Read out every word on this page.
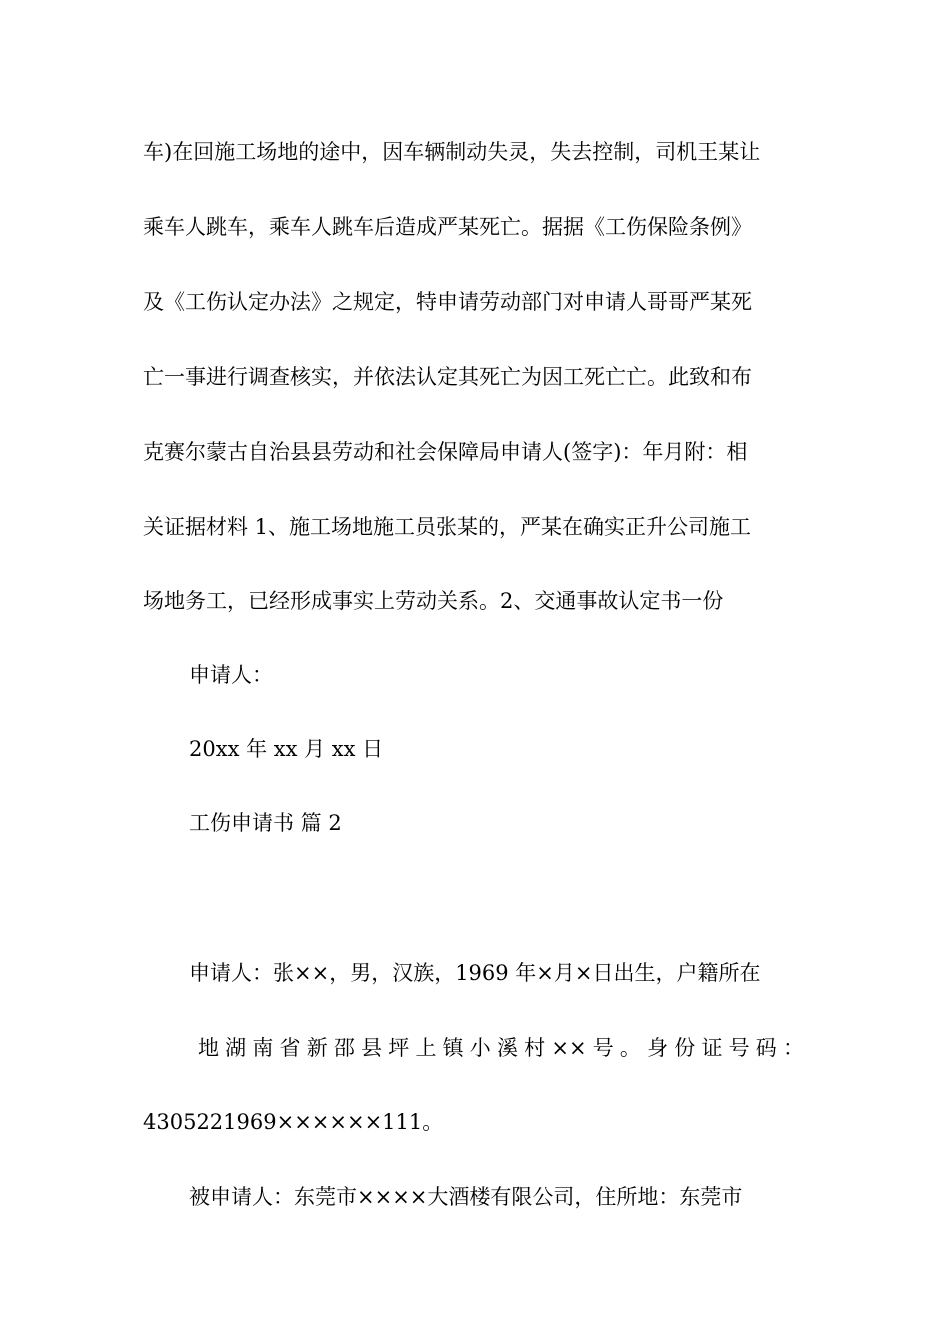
车)在回施工场地的途中，因车辆制动失灵，失去控制，司机王某让
乘车人跳车，乘车人跳车后造成严某死亡。据据《工伤保险条例》
及《工伤认定办法》之规定，特申请劳动部门对申请人哥哥严某死
亡一事进行调查核实，并依法认定其死亡为因工死亡亡。此致和布
克赛尔蒙古自治县县劳动和社会保障局申请人(签字)：年月附：相
关证据材料 1、施工场地施工员张某的，严某在确实正升公司施工
场地务工，已经形成事实上劳动关系。2、交通事故认定书一份
申请人：
20xx 年 xx 月 xx 日
工伤申请书 篇 2
申请人：张××，男，汉族，1969 年×月×日出生，户籍所在
地湖南省新邵县坪上镇小溪村××号。身份证号码：
4305221969××××××111。
被申请人：东莞市××××大酒楼有限公司，住所地：东莞市
